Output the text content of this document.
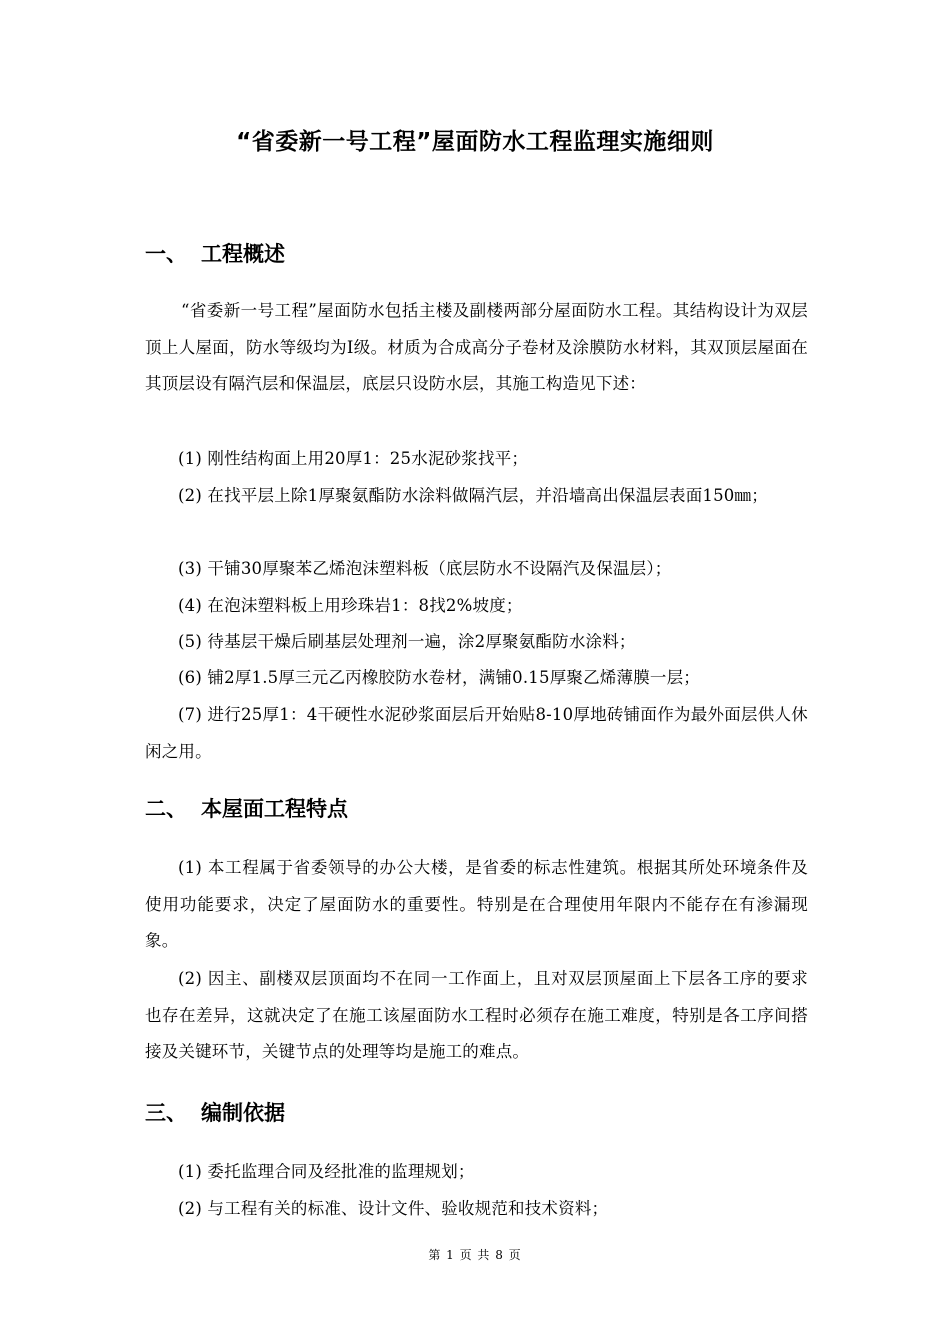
“省委新一号工程”屋面防水工程监理实施细则
一、 工程概述

“省委新一号工程”屋面防水包括主楼及副楼两部分屋面防水工程。其结构设计为双层顶上人屋面，防水等级均为Ⅰ级。材质为合成高分子卷材及涂膜防水材料，其双顶层屋面在其顶层设有隔汽层和保温层，底层只设防水层，其施工构造见下述：

(1) 刚性结构面上用20厚1：25水泥砂浆找平；

(2) 在找平层上除1厚聚氨酯防水涂料做隔汽层，并沿墙高出保温层表面150㎜；

(3) 干铺30厚聚苯乙烯泡沫塑料板（底层防水不设隔汽及保温层）；

(4) 在泡沫塑料板上用珍珠岩1：8找2%坡度；

(5) 待基层干燥后刷基层处理剂一遍，涂2厚聚氨酯防水涂料；

(6) 铺2厚1.5厚三元乙丙橡胶防水卷材，满铺0.15厚聚乙烯薄膜一层；

(7) 进行25厚1：4干硬性水泥砂浆面层后开始贴8-10厚地砖铺面作为最外面层供人休闲之用。

二、 本屋面工程特点

(1) 本工程属于省委领导的办公大楼，是省委的标志性建筑。根据其所处环境条件及使用功能要求，决定了屋面防水的重要性。特别是在合理使用年限内不能存在有渗漏现象。

(2) 因主、副楼双层顶面均不在同一工作面上，且对双层顶屋面上下层各工序的要求也存在差异，这就决定了在施工该屋面防水工程时必须存在施工难度，特别是各工序间搭接及关键环节，关键节点的处理等均是施工的难点。

三、 编制依据

(1) 委托监理合同及经批准的监理规划；

(2) 与工程有关的标准、设计文件、验收规范和技术资料；

第 1 页 共 8 页
